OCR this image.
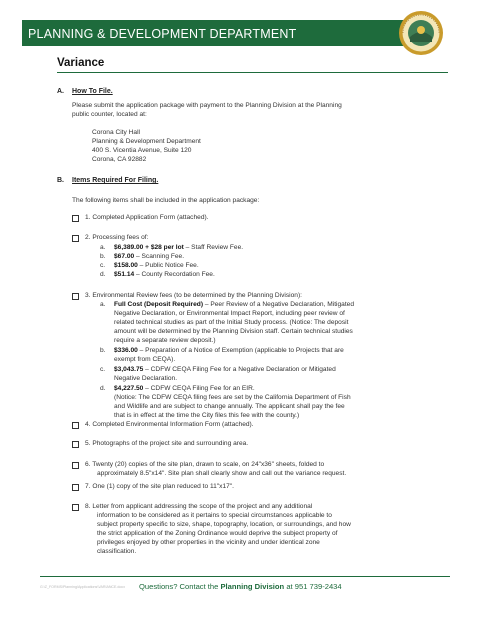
PLANNING & DEVELOPMENT DEPARTMENT
Variance
A. How To File.
Please submit the application package with payment to the Planning Division at the Planning
public counter, located at:
Corona City Hall
Planning & Development Department
400 S. Vicentia Avenue, Suite 120
Corona, CA 92882
B. Items Required For Filing.
The following items shall be included in the application package:
1. Completed Application Form (attached).
2. Processing fees of:
a. $6,389.00 + $28 per lot – Staff Review Fee.
b. $67.00 – Scanning Fee.
c. $158.00 – Public Notice Fee.
d. $51.14 – County Recordation Fee.
3. Environmental Review fees (to be determined by the Planning Division):
a. Full Cost (Deposit Required) – Peer Review of a Negative Declaration, Mitigated
Negative Declaration, or Environmental Impact Report, including peer review of
related technical studies as part of the Initial Study process. (Notice: The deposit
amount will be determined by the Planning Division staff. Certain technical studies
require a separate review deposit.)
b. $336.00 – Preparation of a Notice of Exemption (applicable to Projects that are
exempt from CEQA).
c. $3,043.75 – CDFW CEQA Filing Fee for a Negative Declaration or Mitigated
Negative Declaration.
d. $4,227.50 – CDFW CEQA Filing Fee for an EIR.
(Notice: The CDFW CEQA filing fees are set by the California Department of Fish
and Wildlife and are subject to change annually. The applicant shall pay the fee
that is in effect at the time the City files this fee with the county.)
4. Completed Environmental Information Form (attached).
5. Photographs of the project site and surrounding area.
6. Twenty (20) copies of the site plan, drawn to scale, on 24"x36" sheets, folded to
approximately 8.5"x14". Site plan shall clearly show and call out the variance request.
7. One (1) copy of the site plan reduced to 11"x17".
8. Letter from applicant addressing the scope of the project and any additional
information to be considered as it pertains to special circumstances applicable to
subject property specific to size, shape, topography, location, or surroundings, and how
the strict application of the Zoning Ordinance would deprive the subject property of
privileges enjoyed by other properties in the vicinity and under identical zone
classification.
G:\Z_FORMS\Planning\Applications\VARIANCE.docx Questions? Contact the Planning Division at 951 739-2434
